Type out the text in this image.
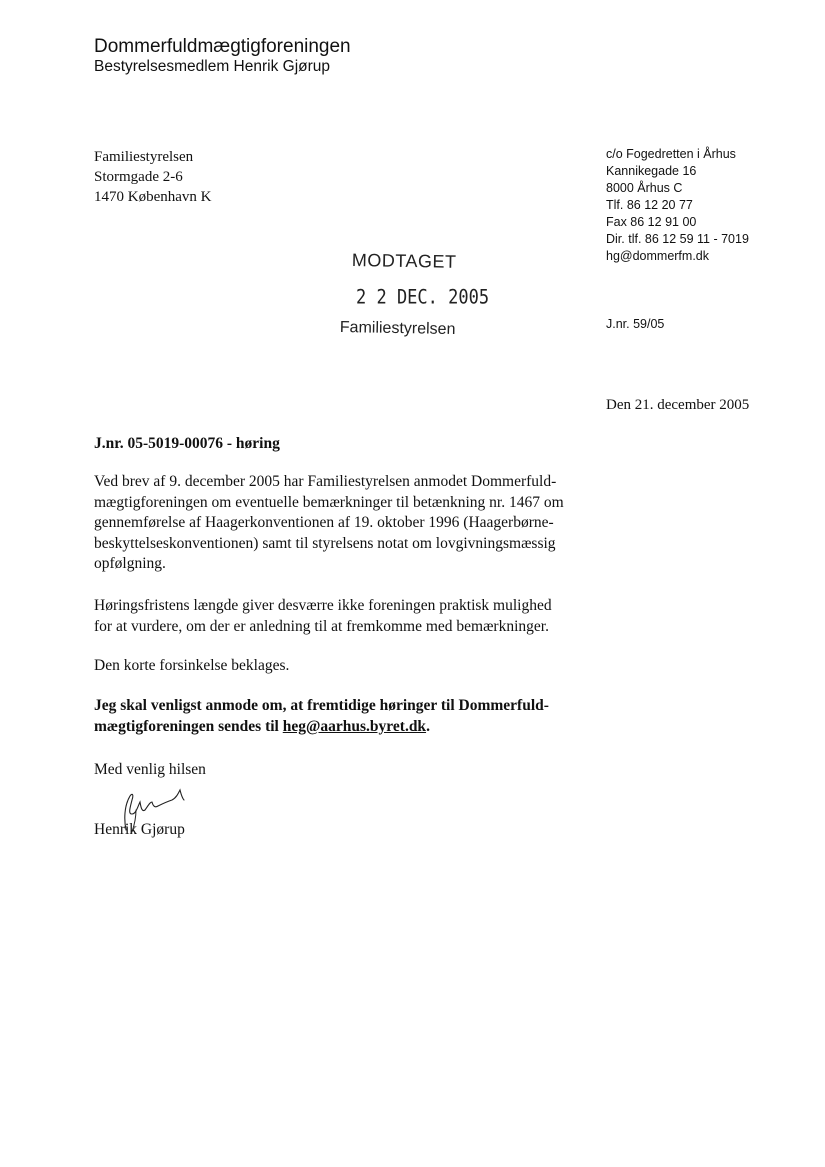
Dommerfuldmægtigforeningen
Bestyrelsesmedlem Henrik Gjørup
Familiestyrelsen
Stormgade 2-6
1470 København K
c/o Fogedretten i Århus
Kannikegade 16
8000 Århus C
Tlf. 86 12 20 77
Fax 86 12 91 00
Dir. tlf. 86 12 59 11 - 7019
hg@dommerfm.dk
MODTAGET
2 2 DEC. 2005
Familiestyrelsen	J.nr. 59/05
Den 21. december 2005
J.nr. 05-5019-00076 - høring
Ved brev af 9. december 2005 har Familiestyrelsen anmodet Dommerfuld-
mægtigforeningen om eventuelle bemærkninger til betænkning nr. 1467 om
gennemførelse af Haagerkonventionen af 19. oktober 1996 (Haagerbørne-
beskyttelseskonventionen) samt til styrelsens notat om lovgivningsmæssig
opfølgning.
Høringsfristens længde giver desværre ikke foreningen praktisk mulighed
for at vurdere, om der er anledning til at fremkomme med bemærkninger.
Den korte forsinkelse beklages.
Jeg skal venligst anmode om, at fremtidige høringer til Dommerfuld-
mægtigforeningen sendes til heg@aarhus.byret.dk.
Med venlig hilsen
Henrik Gjørup
